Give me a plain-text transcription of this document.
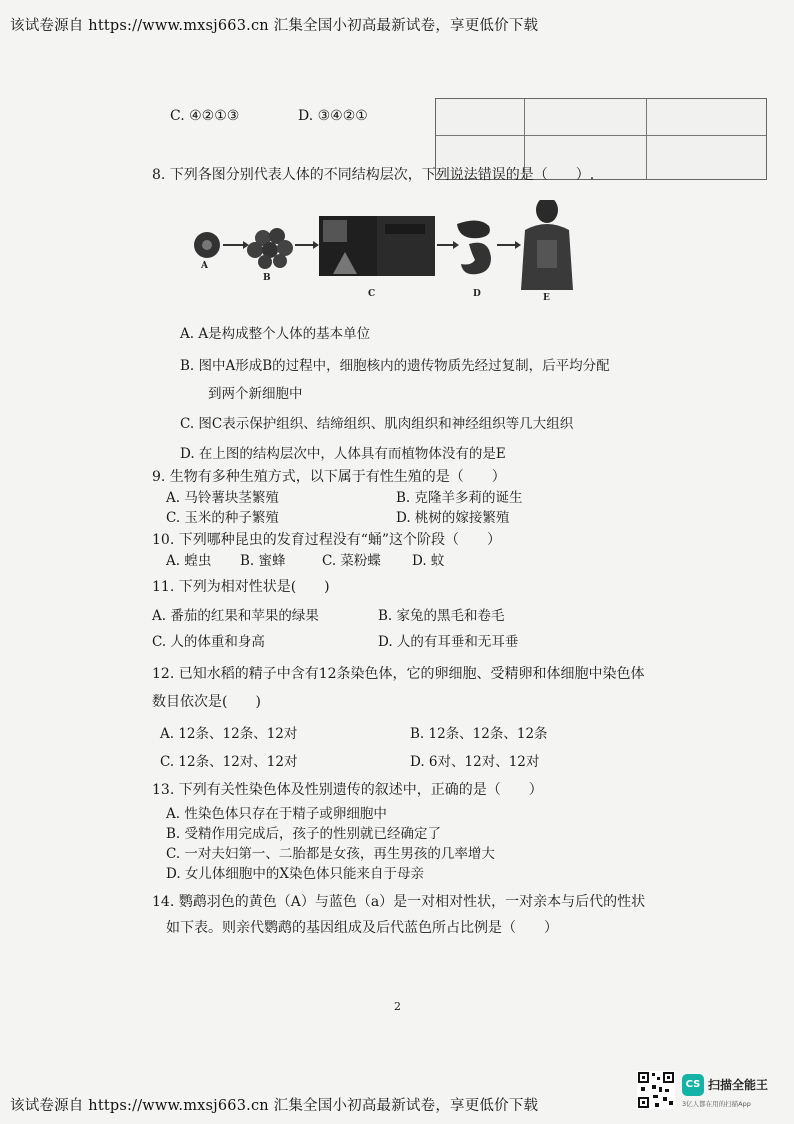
该试卷源自 https://www.mxsj663.cn 汇集全国小初高最新试卷，享更低价下载
C. ④②①③	D. ③④②①
8. 下列各图分别代表人体的不同结构层次，下列说法错误的是（　　）.
A
B
C	D	E
A. A是构成整个人体的基本单位
B. 图中A形成B的过程中，细胞核内的遗传物质先经过复制，后平均分配
到两个新细胞中
C. 图C表示保护组织、结缔组织、肌肉组织和神经组织等几大组织
D. 在上图的结构层次中，人体具有而植物体没有的是E
9. 生物有多种生殖方式，以下属于有性生殖的是（　　）
A. 马铃薯块茎繁殖	B. 克隆羊多莉的诞生
C. 玉米的种子繁殖	D. 桃树的嫁接繁殖
10. 下列哪种昆虫的发育过程没有“蛹”这个阶段（　　）
A. 蝗虫 B. 蜜蜂	C. 菜粉蝶 D. 蚊
11. 下列为相对性状是(　　)
A. 番茄的红果和苹果的绿果	B. 家兔的黑毛和卷毛
C. 人的体重和身高	D. 人的有耳垂和无耳垂
12. 已知水稻的精子中含有12条染色体，它的卵细胞、受精卵和体细胞中染色体
数目依次是(　　)
A. 12条、12条、12对	B. 12条、12条、12条
C. 12条、12对、12对	D. 6对、12对、12对
13. 下列有关性染色体及性别遗传的叙述中，正确的是（　　）
A. 性染色体只存在于精子或卵细胞中
B. 受精作用完成后，孩子的性别就已经确定了
C. 一对夫妇第一、二胎都是女孩，再生男孩的几率增大
D. 女儿体细胞中的X染色体只能来自于母亲
14. 鹦鹉羽色的黄色（A）与蓝色（a）是一对相对性状，一对亲本与后代的性状
如下表。则亲代鹦鹉的基因组成及后代蓝色所占比例是（　　）
2
该试卷源自 https://www.mxsj663.cn 汇集全国小初高最新试卷，享更低价下载
CS 扫描全能王
3亿人都在用的扫描App
